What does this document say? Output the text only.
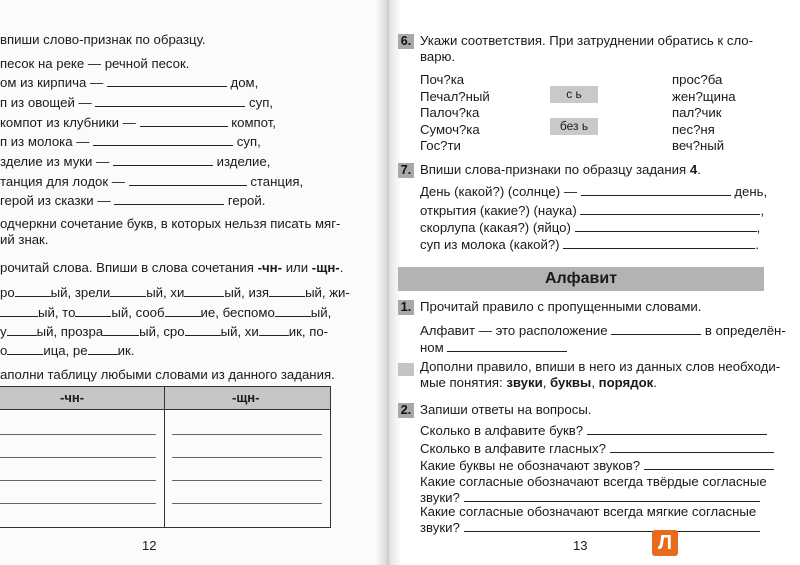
впиши слово-признак по образцу.
песок на реке — речной песок.
ом из кирпича —	дом,
п из овощей —	суп,
компот из клубники —	компот,
п из молока —	суп,
зделие из муки —	изделие,
танция для лодок —	станция,
герой из сказки —	герой.
одчеркни сочетание букв, в которых нельзя писать мяг-
ий знак.
рочитай слова. Впиши в слова сочетания -чн- или -щн-.
ро	ый, зрели	ый, хи	ый, изя	ый, жи-
ый, то	ый, сооб	ие, беспомо	ый,
у ый, прозра	ый, сро	ый, хи ик, по-
о	ица, ре ик.
аполни таблицу любыми словами из данного задания.
-чн-	-щн-
12
6. Укажи соответствия. При затруднении обратись к сло-
варю.
Поч?ка
Печал?ный
Палоч?ка
Сумоч?ка
Гос?ти
с ь
без ь
прос?ба
жен?щина
пал?чик
пес?ня
веч?ный
7. Впиши слова-признаки по образцу задания 4.
День (какой?) (солнце) —	день,
открытия (какие?) (наука)	,
скорлупа (какая?) (яйцо)	,
суп из молока (какой?)	.
Алфавит
1. Прочитай правило с пропущенными словами.
Алфавит — это расположение	в определён-
ном
Дополни правило, впиши в него из данных слов необходи-
мые понятия: звуки, буквы, порядок.
2. Запиши ответы на вопросы.
Сколько в алфавите букв?
Сколько в алфавите гласных?
Какие буквы не обозначают звуков?
Какие согласные обозначают всегда твёрдые согласные
звуки?
Какие согласные обозначают всегда мягкие согласные
звуки?
13	Л
